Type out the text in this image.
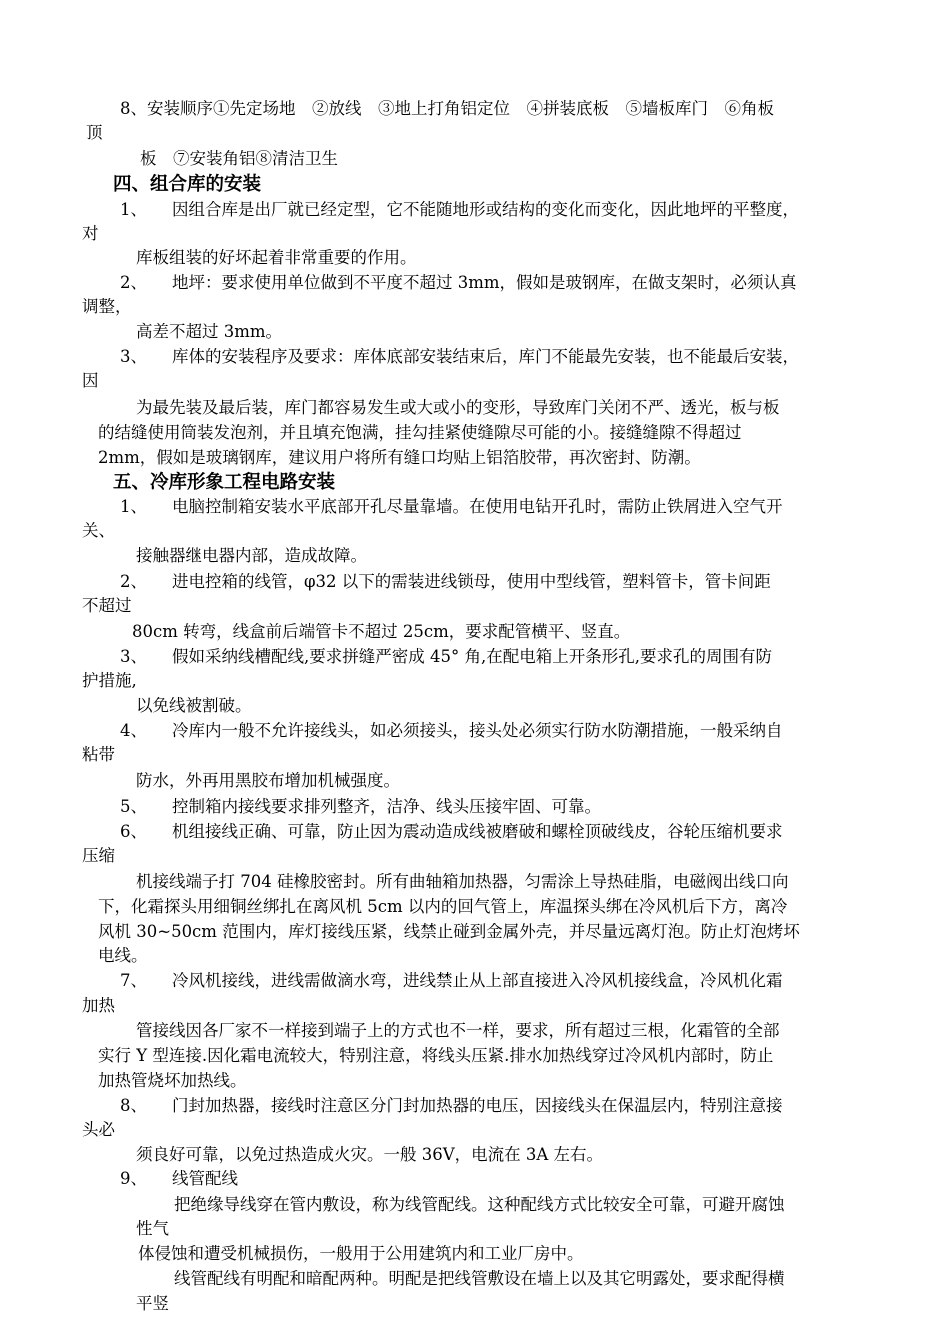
8、安装顺序①先定场地　②放线　③地上打角铝定位　④拼装底板　⑤墙板库门　⑥角板
顶
板　⑦安装角铝⑧清洁卫生
四、组合库的安装
1、 因组合库是出厂就已经定型，它不能随地形或结构的变化而变化，因此地坪的平整度，
对
库板组装的好坏起着非常重要的作用。
2、 地坪：要求使用单位做到不平度不超过 3mm，假如是玻钢库，在做支架时，必须认真
调整，
高差不超过 3mm。
3、 库体的安装程序及要求：库体底部安装结束后，库门不能最先安装，也不能最后安装，
因
为最先装及最后装，库门都容易发生或大或小的变形，导致库门关闭不严、透光，板与板
的结缝使用筒装发泡剂，并且填充饱满，挂勾挂紧使缝隙尽可能的小。接缝缝隙不得超过
2mm，假如是玻璃钢库，建议用户将所有缝口均贴上铝箔胶带，再次密封、防潮。
五、冷库形象工程电路安装
1、 电脑控制箱安装水平底部开孔尽量靠墙。在使用电钻开孔时，需防止铁屑进入空气开
关、
接触器继电器内部，造成故障。
2、 进电控箱的线管，φ32 以下的需装进线锁母，使用中型线管，塑料管卡，管卡间距
不超过
80cm 转弯，线盒前后端管卡不超过 25cm，要求配管横平、竖直。
3、 假如采纳线槽配线,要求拼缝严密成 45° 角,在配电箱上开条形孔,要求孔的周围有防
护措施,
以免线被割破。
4、 冷库内一般不允许接线头，如必须接头，接头处必须实行防水防潮措施，一般采纳自
粘带
防水，外再用黑胶布增加机械强度。
5、 控制箱内接线要求排列整齐，洁净、线头压接牢固、可靠。
6、 机组接线正确、可靠，防止因为震动造成线被磨破和螺栓顶破线皮，谷轮压缩机要求
压缩
机接线端子打 704 硅橡胶密封。所有曲轴箱加热器，匀需涂上导热硅脂，电磁阀出线口向
下，化霜探头用细铜丝绑扎在离风机 5cm 以内的回气管上，库温探头绑在冷风机后下方，离冷
风机 30~50cm 范围内，库灯接线压紧，线禁止碰到金属外壳，并尽量远离灯泡。防止灯泡烤坏
电线。
7、 冷风机接线，进线需做滴水弯，进线禁止从上部直接进入冷风机接线盒，冷风机化霜
加热
管接线因各厂家不一样接到端子上的方式也不一样，要求，所有超过三根，化霜管的全部
实行 Y 型连接.因化霜电流较大，特别注意，将线头压紧.排水加热线穿过冷风机内部时，防止
加热管烧坏加热线。
8、 门封加热器，接线时注意区分门封加热器的电压，因接线头在保温层内，特别注意接
头必
须良好可靠，以免过热造成火灾。一般 36V，电流在 3A 左右。
9、 线管配线
把绝缘导线穿在管内敷设，称为线管配线。这种配线方式比较安全可靠，可避开腐蚀
性气
体侵蚀和遭受机械损伤，一般用于公用建筑内和工业厂房中。
线管配线有明配和暗配两种。明配是把线管敷设在墙上以及其它明露处，要求配得横
平竖
